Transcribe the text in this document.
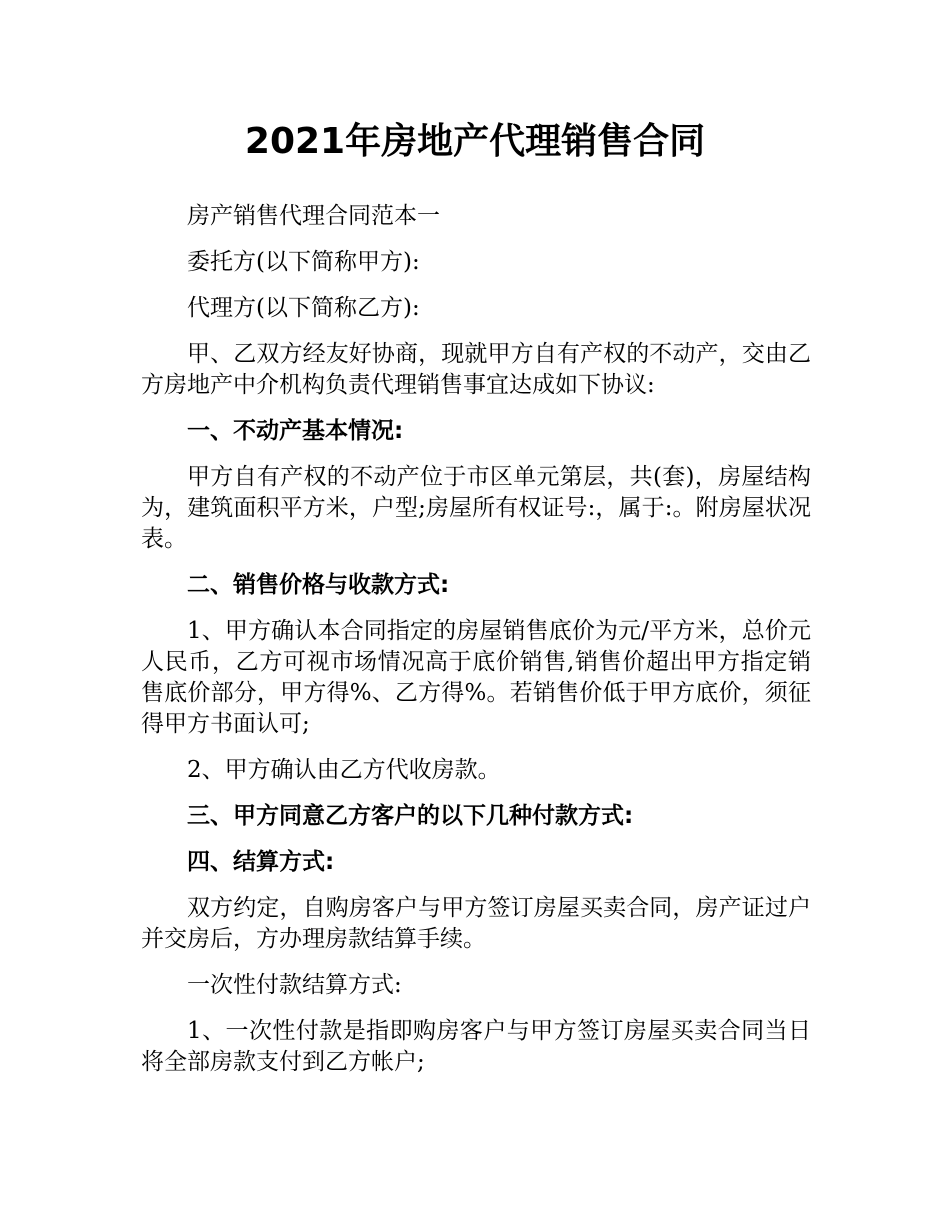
2021年房地产代理销售合同

房产销售代理合同范本一

委托方(以下简称甲方):

代理方(以下简称乙方):

甲、乙双方经友好协商，现就甲方自有产权的不动产，交由乙方房地产中介机构负责代理销售事宜达成如下协议:

一、不动产基本情况:

甲方自有产权的不动产位于市区单元第层，共(套)，房屋结构为，建筑面积平方米，户型;房屋所有权证号:，属于:。附房屋状况表。

二、销售价格与收款方式:

1、甲方确认本合同指定的房屋销售底价为元/平方米，总价元人民币，乙方可视市场情况高于底价销售,销售价超出甲方指定销售底价部分，甲方得%、乙方得%。若销售价低于甲方底价，须征得甲方书面认可;

2、甲方确认由乙方代收房款。

三、甲方同意乙方客户的以下几种付款方式:

四、结算方式:

双方约定，自购房客户与甲方签订房屋买卖合同，房产证过户并交房后，方办理房款结算手续。

一次性付款结算方式:

1、一次性付款是指即购房客户与甲方签订房屋买卖合同当日将全部房款支付到乙方帐户;
